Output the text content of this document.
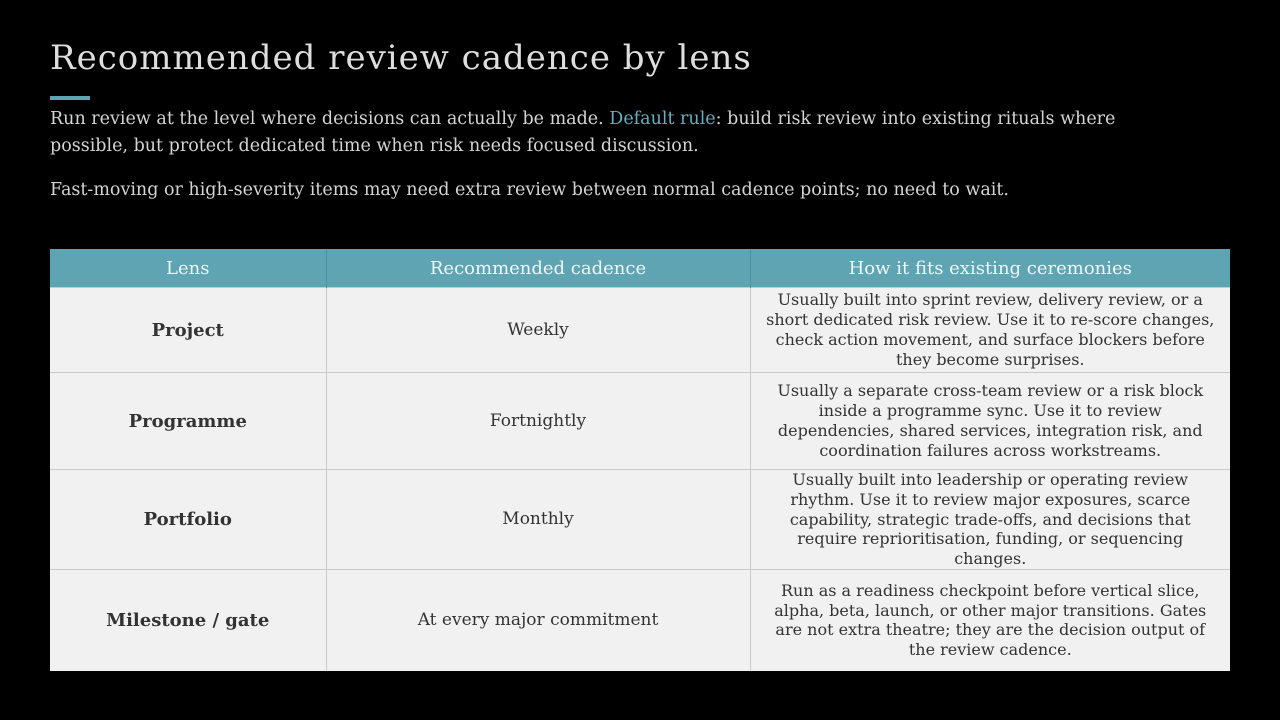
Recommended review cadence by lens

Run review at the level where decisions can actually be made. Default rule: build risk review into existing rituals where possible, but protect dedicated time when risk needs focused discussion.

Fast-moving or high-severity items may need extra review between normal cadence points; no need to wait.

Lens	Recommended cadence	How it fits existing ceremonies
Project	Weekly	Usually built into sprint review, delivery review, or a short dedicated risk review. Use it to re-score changes, check action movement, and surface blockers before they become surprises.
Programme	Fortnightly	Usually a separate cross-team review or a risk block inside a programme sync. Use it to review dependencies, shared services, integration risk, and coordination failures across workstreams.
Portfolio	Monthly	Usually built into leadership or operating review rhythm. Use it to review major exposures, scarce capability, strategic trade-offs, and decisions that require reprioritisation, funding, or sequencing changes.
Milestone / gate	At every major commitment	Run as a readiness checkpoint before vertical slice, alpha, beta, launch, or other major transitions. Gates are not extra theatre; they are the decision output of the review cadence.
